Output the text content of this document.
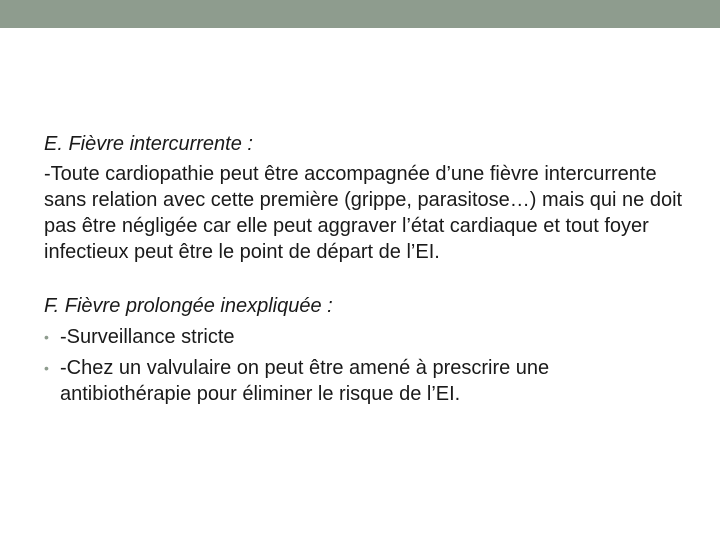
E. Fièvre intercurrente :

-Toute cardiopathie peut être accompagnée d’une fièvre intercurrente sans relation avec cette première (grippe, parasitose…) mais qui ne doit pas être négligée car elle peut aggraver l’état cardiaque et tout foyer infectieux peut être le point de départ de l’EI.

F. Fièvre prolongée inexpliquée :

• -Surveillance stricte
• -Chez un valvulaire on peut être amené à prescrire une antibiothérapie pour éliminer le risque de l’EI.
